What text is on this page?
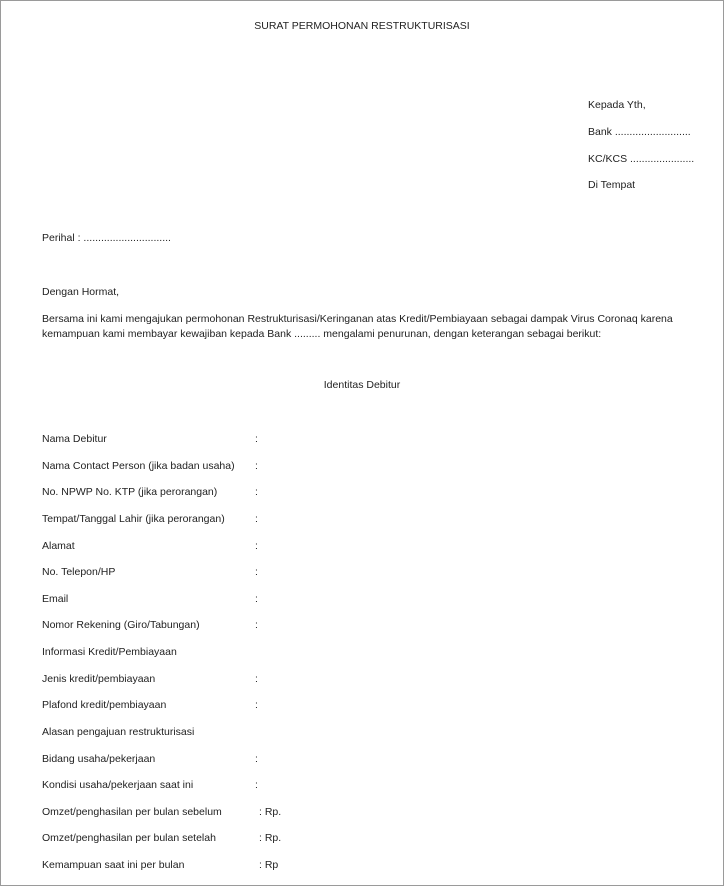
SURAT PERMOHONAN RESTRUKTURISASI
Kepada Yth,
Bank ..........................
KC/KCS ......................
Di Tempat
Perihal : ..............................
Dengan Hormat,
Bersama ini kami mengajukan permohonan Restrukturisasi/Keringanan atas Kredit/Pembiayaan sebagai dampak Virus Coronaq karena kemampuan kami membayar kewajiban kepada Bank ......... mengalami penurunan, dengan keterangan sebagai berikut:
Identitas Debitur
Nama Debitur	:
Nama Contact Person (jika badan usaha) :
No. NPWP No. KTP (jika perorangan)	:
Tempat/Tanggal Lahir (jika perorangan)	:
Alamat	:
No. Telepon/HP	:
Email	:
Nomor Rekening (Giro/Tabungan)	:
Informasi Kredit/Pembiayaan
Jenis kredit/pembiayaan	:
Plafond kredit/pembiayaan	:
Alasan pengajuan restrukturisasi
Bidang usaha/pekerjaan	:
Kondisi usaha/pekerjaan saat ini	:
Omzet/penghasilan per bulan sebelum	: Rp.
Omzet/penghasilan per bulan setelah	: Rp.
Kemampuan saat ini per bulan	: Rp
